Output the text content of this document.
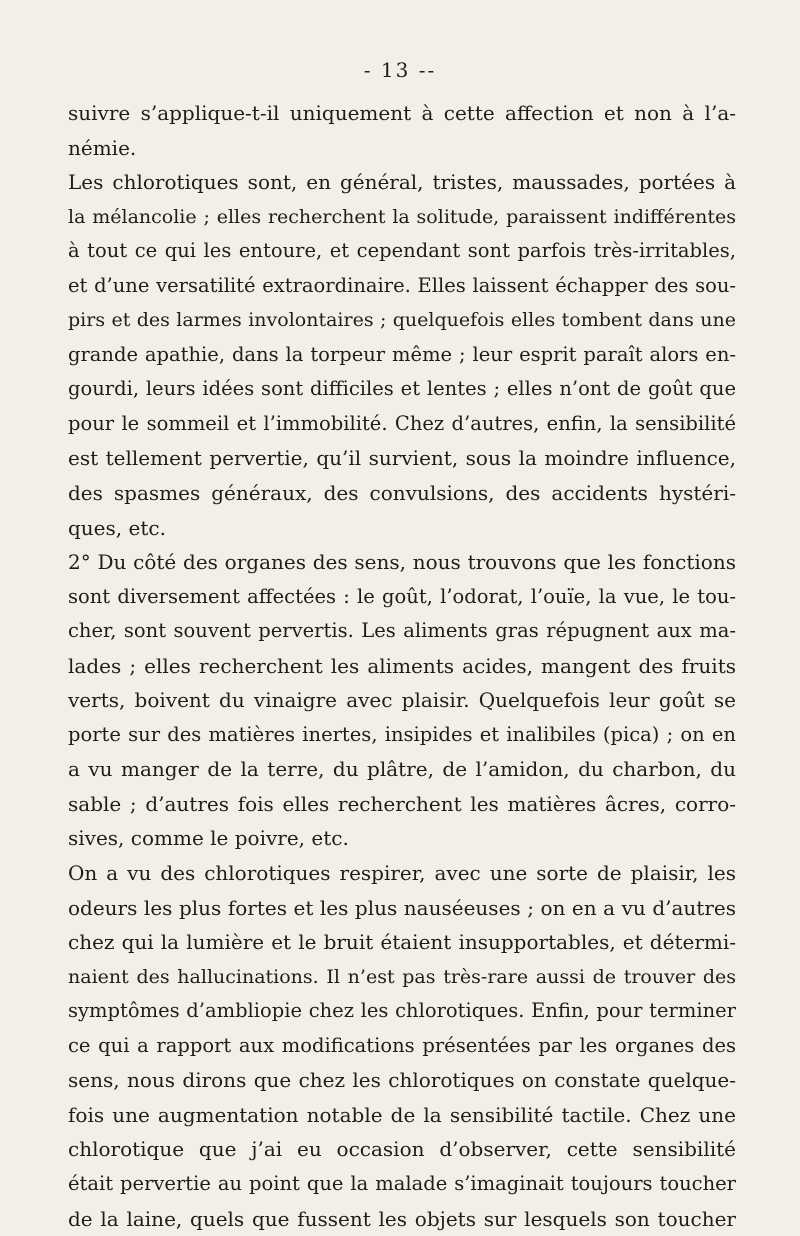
- 13 --
suivre s’applique-t-il uniquement à cette affection et non à l’a-
némie.
Les chlorotiques sont, en général, tristes, maussades, portées à
la mélancolie ; elles recherchent la solitude, paraissent indifférentes
à tout ce qui les entoure, et cependant sont parfois très-irritables,
et d’une versatilité extraordinaire. Elles laissent échapper des sou-
pirs et des larmes involontaires ; quelquefois elles tombent dans une
grande apathie, dans la torpeur même ; leur esprit paraît alors en-
gourdi, leurs idées sont difficiles et lentes ; elles n’ont de goût que
pour le sommeil et l’immobilité. Chez d’autres, enfin, la sensibilité
est tellement pervertie, qu’il survient, sous la moindre influence,
des spasmes généraux, des convulsions, des accidents hystéri-
ques, etc.
2° Du côté des organes des sens, nous trouvons que les fonctions
sont diversement affectées : le goût, l’odorat, l’ouïe, la vue, le tou-
cher, sont souvent pervertis. Les aliments gras répugnent aux ma-
lades ; elles recherchent les aliments acides, mangent des fruits
verts, boivent du vinaigre avec plaisir. Quelquefois leur goût se
porte sur des matières inertes, insipides et inalibiles (pica) ; on en
a vu manger de la terre, du plâtre, de l’amidon, du charbon, du
sable ; d’autres fois elles recherchent les matières âcres, corro-
sives, comme le poivre, etc.
On a vu des chlorotiques respirer, avec une sorte de plaisir, les
odeurs les plus fortes et les plus nauséeuses ; on en a vu d’autres
chez qui la lumière et le bruit étaient insupportables, et détermi-
naient des hallucinations. Il n’est pas très-rare aussi de trouver des
symptômes d’ambliopie chez les chlorotiques. Enfin, pour terminer
ce qui a rapport aux modifications présentées par les organes des
sens, nous dirons que chez les chlorotiques on constate quelque-
fois une augmentation notable de la sensibilité tactile. Chez une
chlorotique que j’ai eu occasion d’observer, cette sensibilité
était pervertie au point que la malade s’imaginait toujours toucher
de la laine, quels que fussent les objets sur lesquels son toucher
